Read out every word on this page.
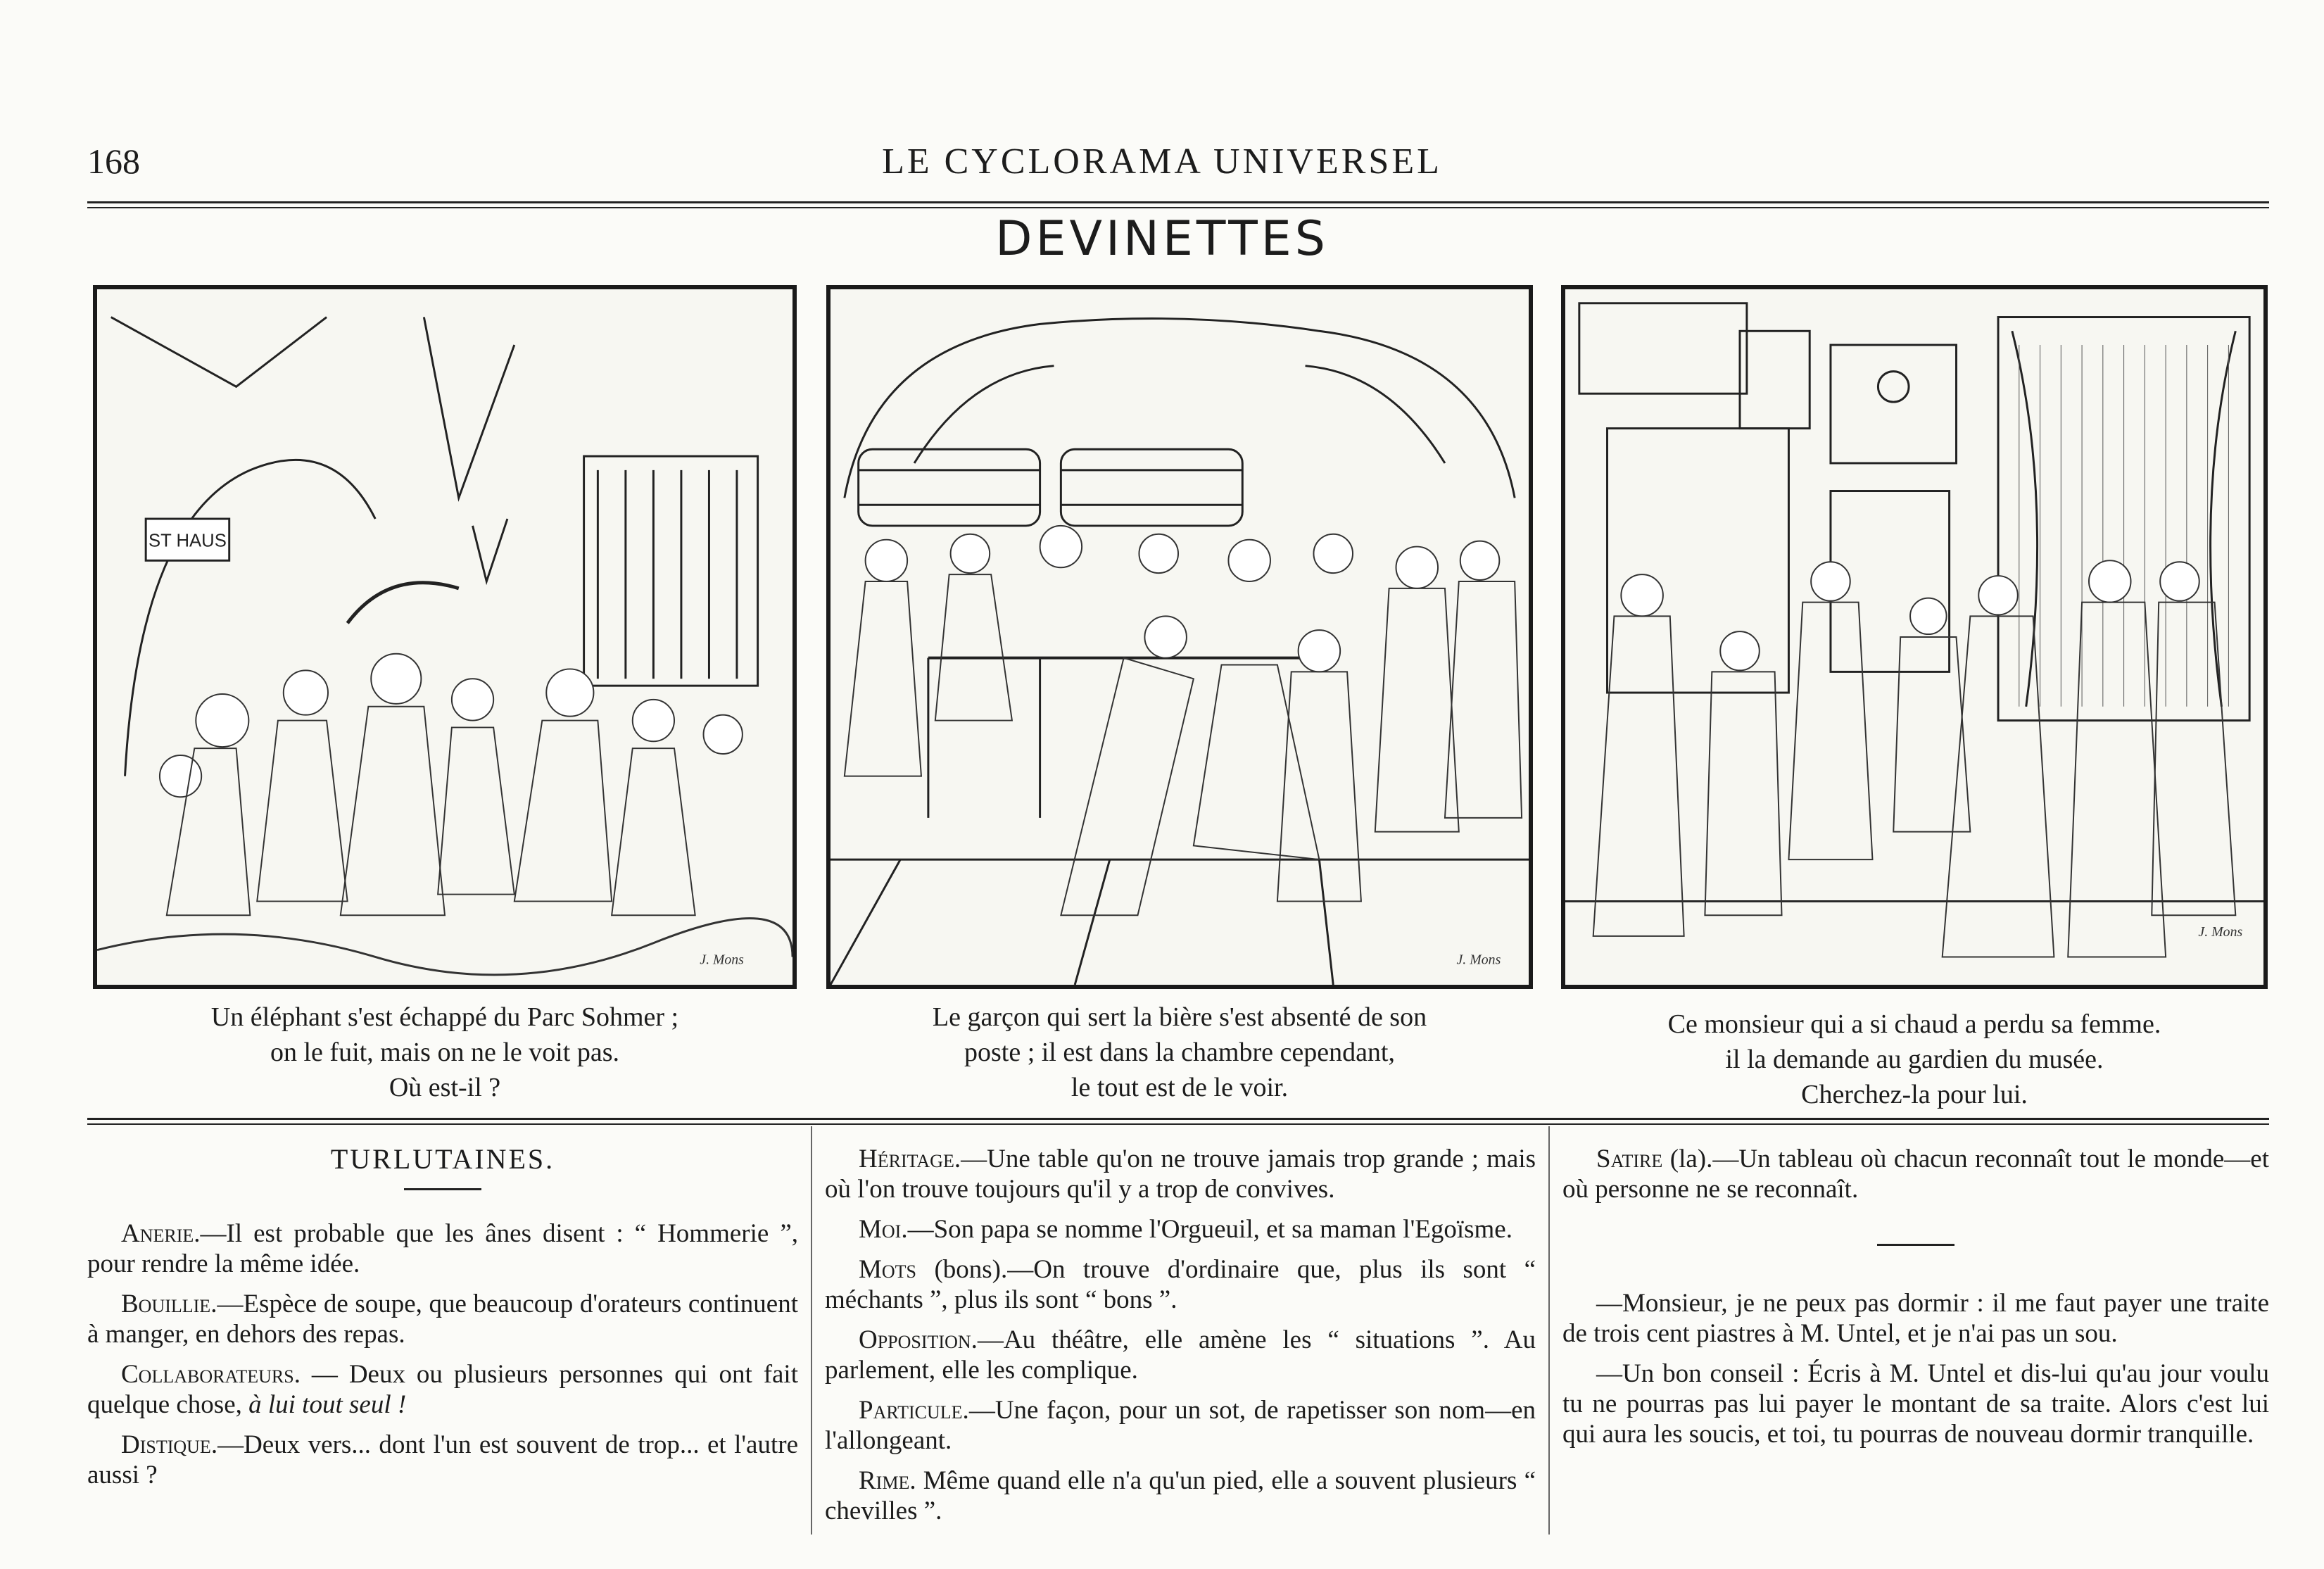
168	LE CYCLORAMA UNIVERSEL
DEVINETTES
ST HAUS
J. Mons	J. Mons
J. Mons
Un éléphant s'est échappé du Parc Sohmer ;
on le fuit, mais on ne le voit pas.
Où est-il ?
Le garçon qui sert la bière s'est absenté de son
poste ; il est dans la chambre cependant,
le tout est de le voir.
Ce monsieur qui a si chaud a perdu sa femme.
il la demande au gardien du musée.
Cherchez-la pour lui.
TURLUTAINES.

Anerie.—Il est probable que les ânes disent : “ Hommerie ”, pour rendre la même idée.

Bouillie.—Espèce de soupe, que beaucoup d'orateurs continuent à manger, en dehors des repas.

Collaborateurs. — Deux ou plusieurs personnes qui ont fait quelque chose, à lui tout seul !

Distique.—Deux vers... dont l'un est souvent de trop... et l'autre aussi ?

Héritage.—Une table qu'on ne trouve jamais trop grande ; mais où l'on trouve toujours qu'il y a trop de convives.

Moi.—Son papa se nomme l'Orgueuil, et sa maman l'Egoïsme.

Mots (bons).—On trouve d'ordinaire que, plus ils sont “ méchants ”, plus ils sont “ bons ”.

Opposition.—Au théâtre, elle amène les “ situations ”. Au parlement, elle les complique.

Particule.—Une façon, pour un sot, de rapetisser son nom—en l'allongeant.

Rime. Même quand elle n'a qu'un pied, elle a souvent plusieurs “ chevilles ”.

Satire (la).—Un tableau où chacun reconnaît tout le monde—et où personne ne se reconnaît.

—Monsieur, je ne peux pas dormir : il me faut payer une traite de trois cent piastres à M. Untel, et je n'ai pas un sou.

—Un bon conseil : Écris à M. Untel et dis-lui qu'au jour voulu tu ne pourras pas lui payer le montant de sa traite. Alors c'est lui qui aura les soucis, et toi, tu pourras de nouveau dormir tranquille.
